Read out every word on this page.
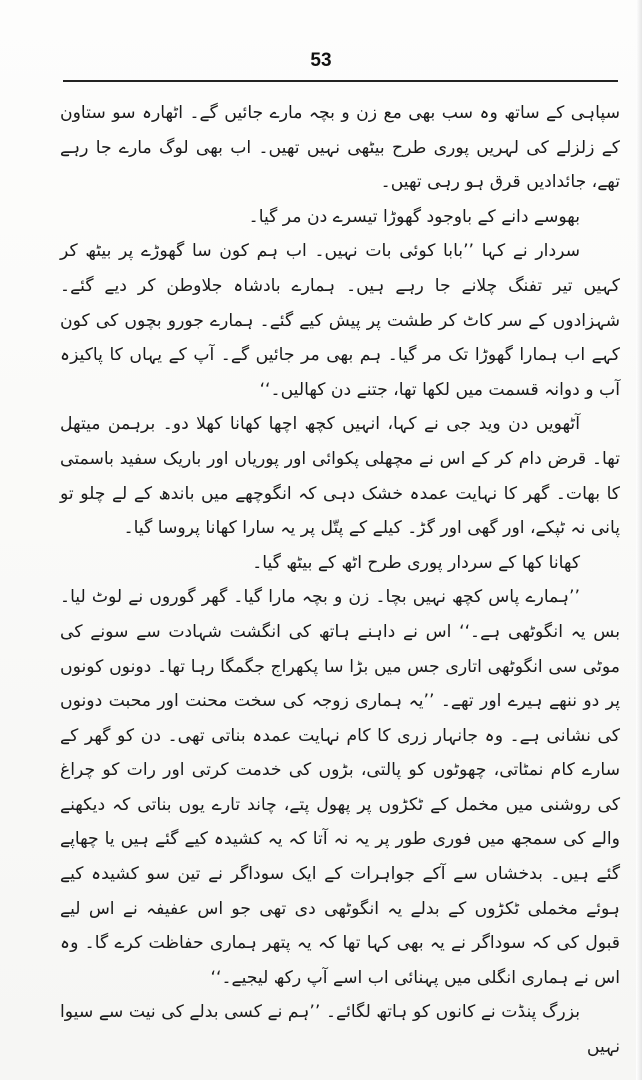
53

سپاہی کے ساتھ وہ سب بھی مع زن و بچہ مارے جائیں گے۔ اٹھارہ سو ستاون کے زلزلے کی لہریں پوری طرح بیٹھی نہیں تھیں۔ اب بھی لوگ مارے جا رہے تھے، جائدادیں قرق ہو رہی تھیں۔

بھوسے دانے کے باوجود گھوڑا تیسرے دن مر گیا۔

سردار نے کہا ’’بابا کوئی بات نہیں۔ اب ہم کون سا گھوڑے پر بیٹھ کر کہیں تیر تفنگ چلانے جا رہے ہیں۔ ہمارے بادشاہ جلاوطن کر دیے گئے۔ شہزادوں کے سر کاٹ کر طشت پر پیش کیے گئے۔ ہمارے جورو بچوں کی کون کہے اب ہمارا گھوڑا تک مر گیا۔ ہم بھی مر جائیں گے۔ آپ کے یہاں کا پاکیزہ آب و دوانہ قسمت میں لکھا تھا، جتنے دن کھالیں۔‘‘

آٹھویں دن وید جی نے کہا، انہیں کچھ اچھا کھانا کھلا دو۔ برہمن میتھل تھا۔ قرض دام کر کے اس نے مچھلی پکوائی اور پوریاں اور باریک سفید باسمتی کا بھات۔ گھر کا نہایت عمدہ خشک دہی کہ انگوچھے میں باندھ کے لے چلو تو پانی نہ ٹپکے، اور گھی اور گڑ۔ کیلے کے پتّل پر یہ سارا کھانا پروسا گیا۔

کھانا کھا کے سردار پوری طرح اٹھ کے بیٹھ گیا۔

’’ہمارے پاس کچھ نہیں بچا۔ زن و بچہ مارا گیا۔ گھر گوروں نے لوٹ لیا۔ بس یہ انگوٹھی ہے۔‘‘ اس نے داہنے ہاتھ کی انگشت شہادت سے سونے کی موٹی سی انگوٹھی اتاری جس میں بڑا سا پکھراج جگمگا رہا تھا۔ دونوں کونوں پر دو ننھے ہیرے اور تھے۔ ’’یہ ہماری زوجہ کی سخت محنت اور محبت دونوں کی نشانی ہے۔ وہ جانہار زری کا کام نہایت عمدہ بناتی تھی۔ دن کو گھر کے سارے کام نمٹاتی، چھوٹوں کو پالتی، بڑوں کی خدمت کرتی اور رات کو چراغ کی روشنی میں مخمل کے ٹکڑوں پر پھول پتے، چاند تارے یوں بناتی کہ دیکھنے والے کی سمجھ میں فوری طور پر یہ نہ آتا کہ یہ کشیدہ کیے گئے ہیں یا چھاپے گئے ہیں۔ بدخشاں سے آکے جواہرات کے ایک سوداگر نے تین سو کشیدہ کیے ہوئے مخملی ٹکڑوں کے بدلے یہ انگوٹھی دی تھی جو اس عفیفہ نے اس لیے قبول کی کہ سوداگر نے یہ بھی کہا تھا کہ یہ پتھر ہماری حفاظت کرے گا۔ وہ اس نے ہماری انگلی میں پہنائی اب اسے آپ رکھ لیجیے۔‘‘

بزرگ پنڈت نے کانوں کو ہاتھ لگائے۔ ’’ہم نے کسی بدلے کی نیت سے سیوا نہیں
